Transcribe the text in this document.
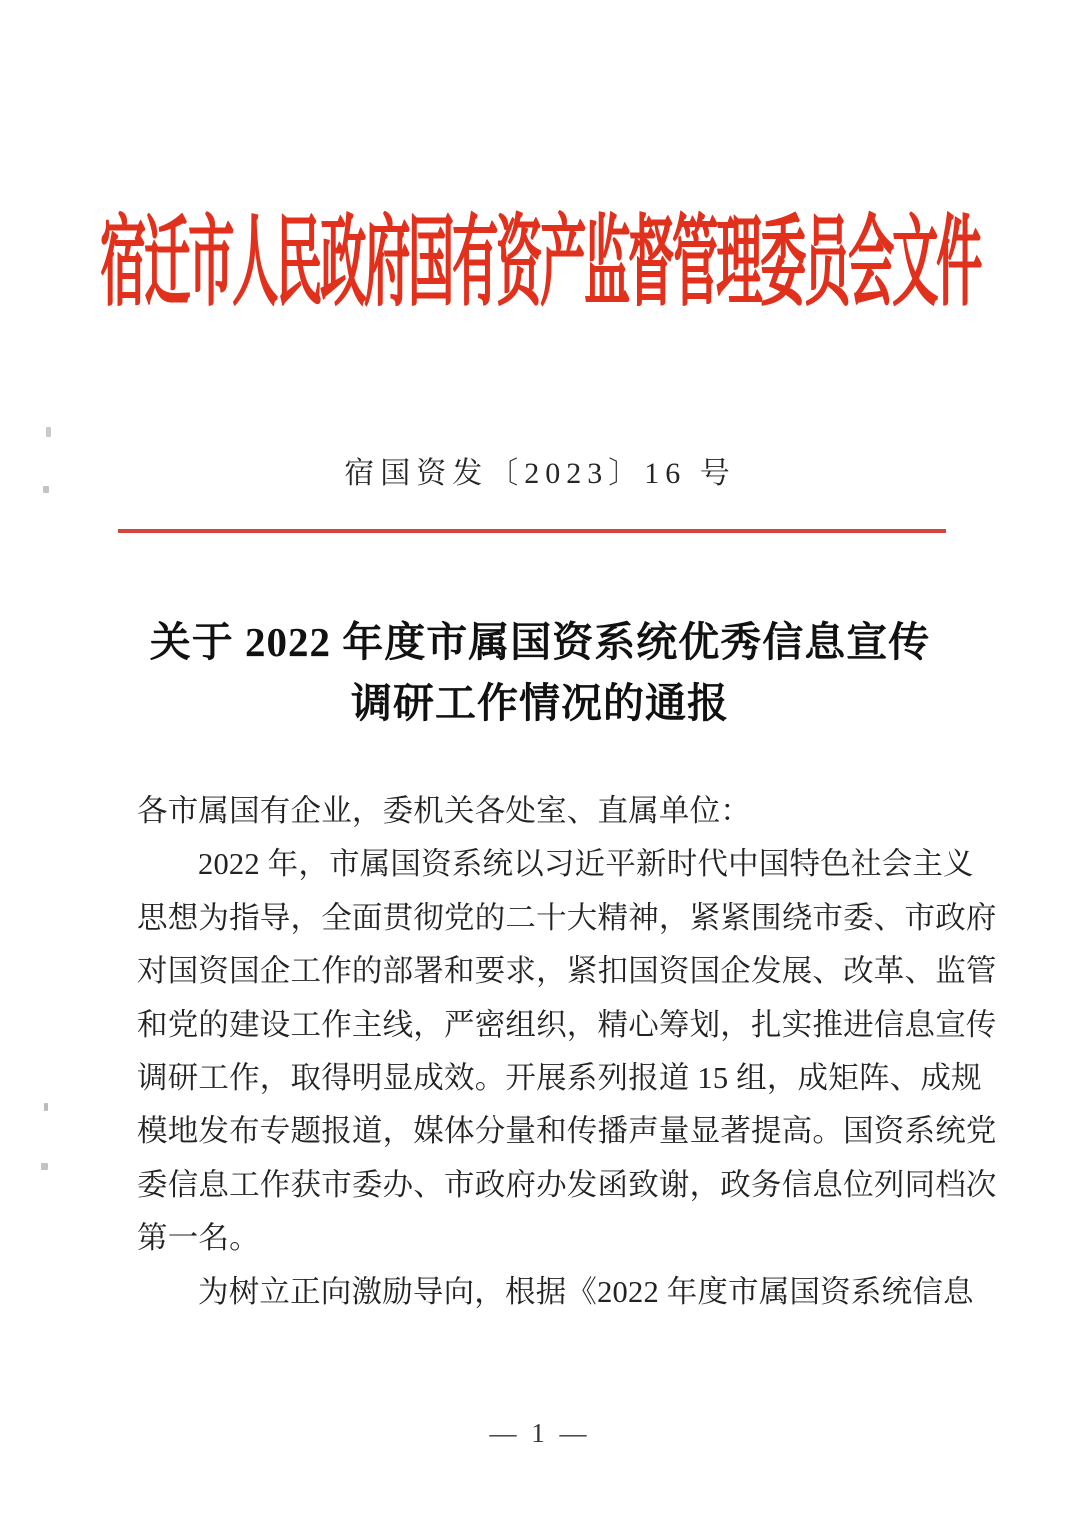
宿迁市人民政府国有资产监督管理委员会文件
宿国资发〔2023〕16 号
关于 2022 年度市属国资系统优秀信息宣传
调研工作情况的通报
各市属国有企业，委机关各处室、直属单位：
2022 年，市属国资系统以习近平新时代中国特色社会主义
思想为指导，全面贯彻党的二十大精神，紧紧围绕市委、市政府
对国资国企工作的部署和要求，紧扣国资国企发展、改革、监管
和党的建设工作主线，严密组织，精心筹划，扎实推进信息宣传
调研工作，取得明显成效。开展系列报道 15 组，成矩阵、成规
模地发布专题报道，媒体分量和传播声量显著提高。国资系统党
委信息工作获市委办、市政府办发函致谢，政务信息位列同档次
第一名。
为树立正向激励导向，根据《2022 年度市属国资系统信息
— 1 —
